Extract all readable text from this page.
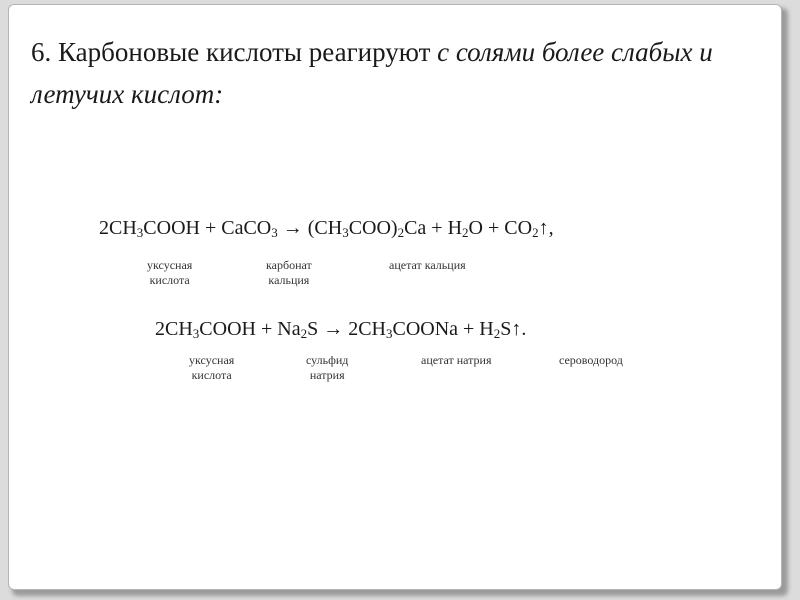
6. Карбоновые кислоты реагируют с солями более слабых и летучих кислот:
$2CH_3COOH$ + CaCO$_3$ → $(CH_3COO)_2Ca + H_2O$ + $CO_2↑$,
уксусная
кислота
карбонат
кальция
ацетат кальция
$2CH_3COOH + Na_2S$ → $2CH_3COONa$ + $H_2S↑$.
уксусная
кислота
сульфид
натрия
ацетат натрия	сероводород
